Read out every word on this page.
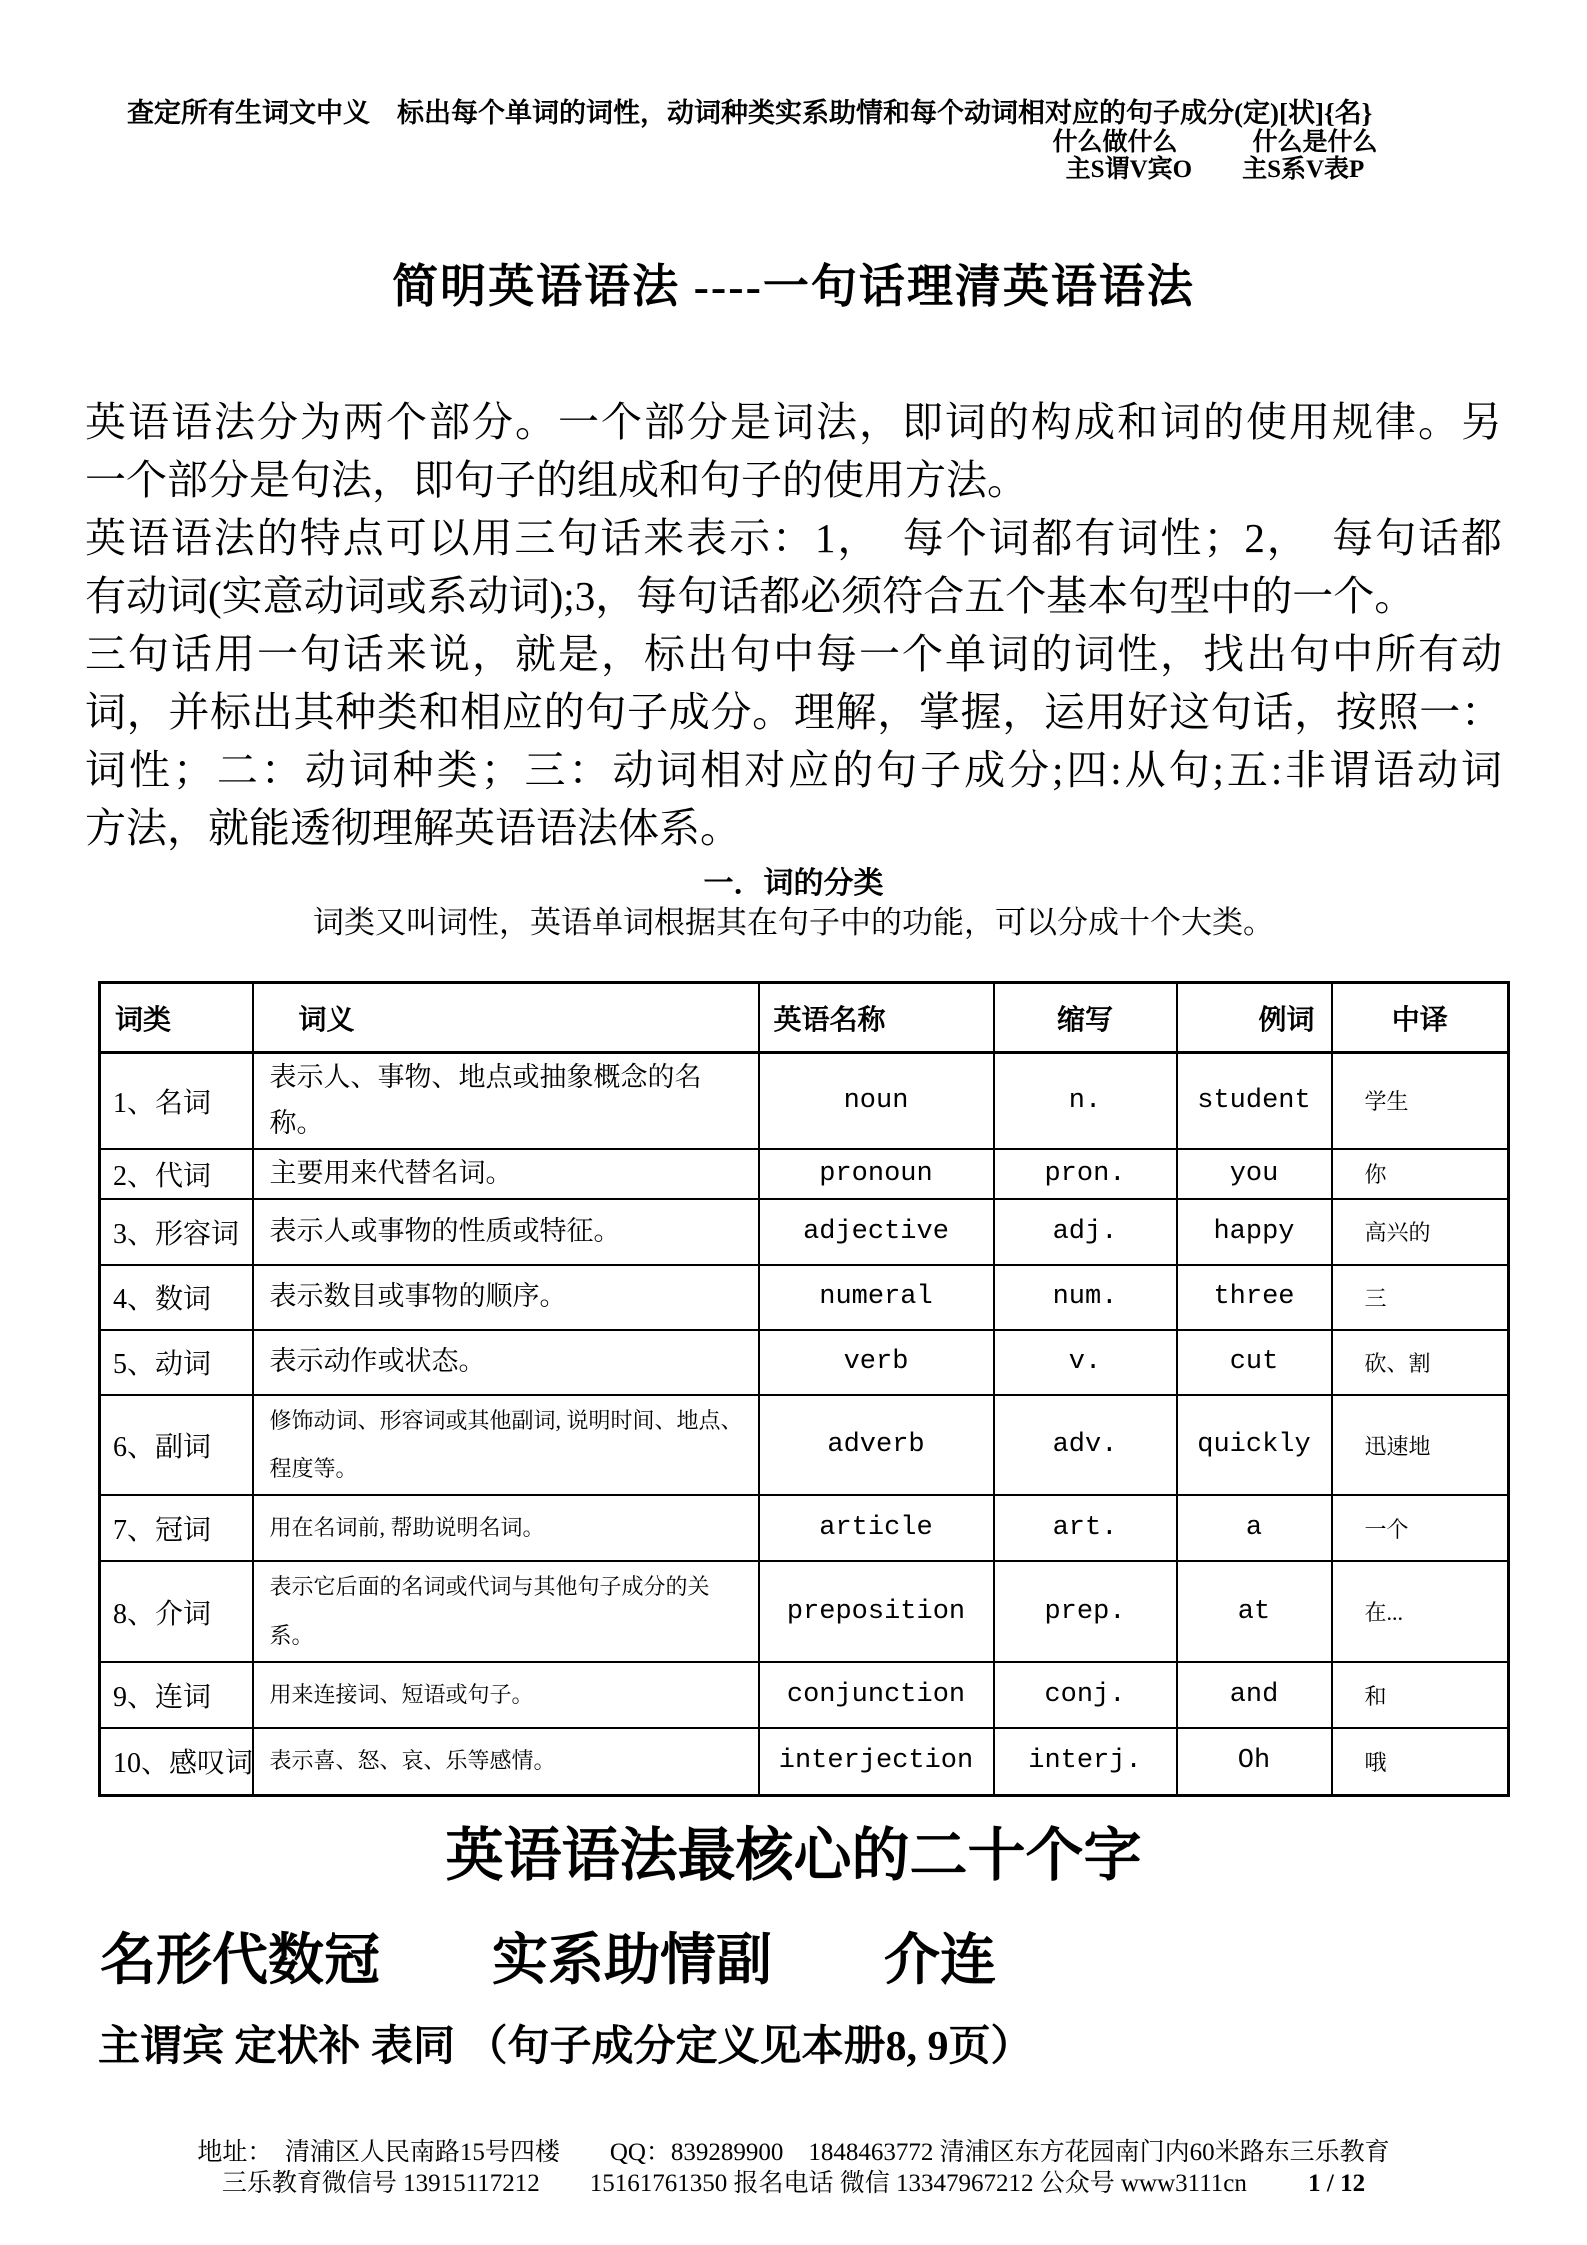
查定所有生词文中义　标出每个单词的词性，动词种类实系助情和每个动词相对应的句子成分(定)[状]{名}
什么做什么　　　什么是什么
主S谓V宾O　　主S系V表P
简明英语语法 ----一句话理清英语语法
英语语法分为两个部分。一个部分是词法，即词的构成和词的使用规律。另
一个部分是句法，即句子的组成和句子的使用方法。
英语语法的特点可以用三句话来表示：1，　每个词都有词性；2，　每句话都
有动词(实意动词或系动词);3，每句话都必须符合五个基本句型中的一个。
三句话用一句话来说，就是，标出句中每一个单词的词性，找出句中所有动
词，并标出其种类和相应的句子成分。理解，掌握，运用好这句话，按照一：
词性；二：动词种类；三：动词相对应的句子成分;四:从句;五:非谓语动词
方法，就能透彻理解英语语法体系。
一．词的分类
词类又叫词性，英语单词根据其在句子中的功能，可以分成十个大类。
词类	词义	英语名称	缩写	例词	中译
1、名词	表示人、事物、地点或抽象概念的名称。	noun	n.	student	学生
2、代词	主要用来代替名词。	pronoun	pron.	you	你
3、形容词	表示人或事物的性质或特征。	adjective	adj.	happy	高兴的
4、数词	表示数目或事物的顺序。	numeral	num.	three	三
5、动词	表示动作或状态。	verb	v.	cut	砍、割
6、副词	修饰动词、形容词或其他副词, 说明时间、地点、程度等。	adverb	adv.	quickly	迅速地
7、冠词	用在名词前, 帮助说明名词。	article	art.	a	一个
8、介词	表示它后面的名词或代词与其他句子成分的关系。	preposition	prep.	at	在...
9、连词	用来连接词、短语或句子。	conjunction	conj.	and	和
10、感叹词	表示喜、怒、哀、乐等感情。	interjection	interj.	Oh	哦
英语语法最核心的二十个字
名形代数冠　　实系助情副　　介连
主谓宾 定状补 表同 （句子成分定义见本册8, 9页）
地址：　清浦区人民南路15号四楼　　QQ：839289900　1848463772 清浦区东方花园南门内60米路东三乐教育
三乐教育微信号 13915117212　　15161761350 报名电话 微信 13347967212 公众号 www3111cn 1 / 12
